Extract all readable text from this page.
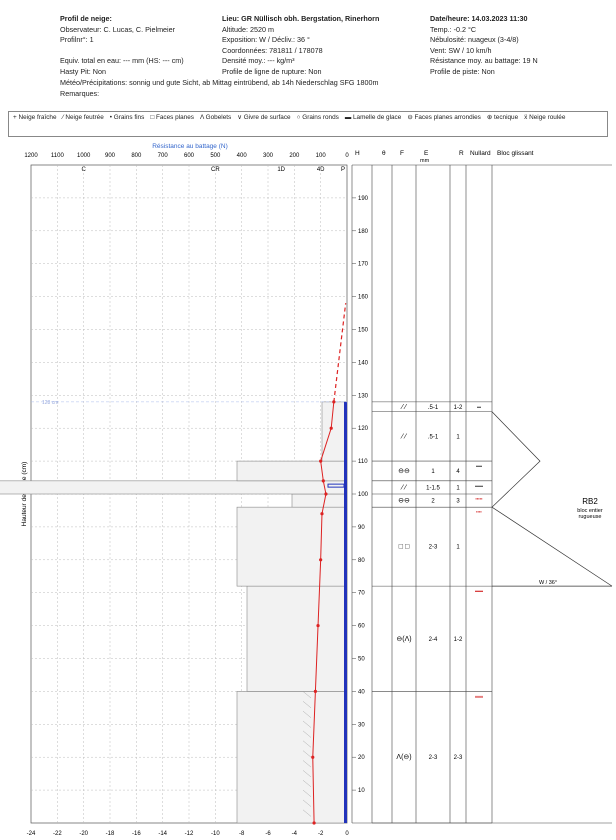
Profil de neige:
Observateur: C. Lucas, C. Pielmeier
Profilnr°: 1

Equiv. total en eau: --- mm (HS: --- cm)
Hasty Pit: Non
Lieu: GR Nüllisch obh. Bergstation, Rinerhorn
Altitude: 2520 m
Exposition: W / Décliv.: 36 °
Coordonnées: 781811 / 178078
Densité moy.: --- kg/m³
Profile de ligne de rupture: Non
Date/heure: 14.03.2023 11:30
Temp.: -0.2 °C
Nébulosité: nuageux (3-4/8)
Vent: SW / 10 km/h
Résistance moy. au battage: 19 N
Profile de piste: Non
Météo/Précipitations: sonnig und gute Sicht, ab Mittag eintrübend, ab 14h Niederschlag SFG 1800m
Remarques:
+ Neige fraîche ⁄ Neige feutrée • Grains fins □ Faces planes Λ Gobelets ∨ Givre de surface ○ Grains ronds ▬ Lamelle de glace ⊖ Faces planes arrondies ⊕ tecnique ẍ Neige roulée
Résistance au battage (N)
1200 1100 1000 900	800	700	600	500	400	300	200	100	0
C	CR	1D	4D	P
-24	-22	-20	-18	-16	-14	-12	-10	-8	-6	-4	-2	0
128 cm
H	θ F	E	R Nullard Bloc glissant
mm
10
20
30
40
50
60
70
80
90
100
110
120
130
140
150
160
170
180
190
⁄ ⁄	.5-1	1-2	▴▴
⁄ ⁄	.5-1	1
⊖⊖	1	4
▴▴▴
⁄ ⁄	1-1.5	1
▴▴▴▴
⊖⊖	2	3
▪▪▪▪▪
□ □	2-3	1
▪▪▪▪
⊖(Λ)	2-4	1-2
▴▴▴▴
Λ(⊖)	2-3	2-3
▴▴▴▴
RB2
bloc entier
rugueuse
W / 36°
